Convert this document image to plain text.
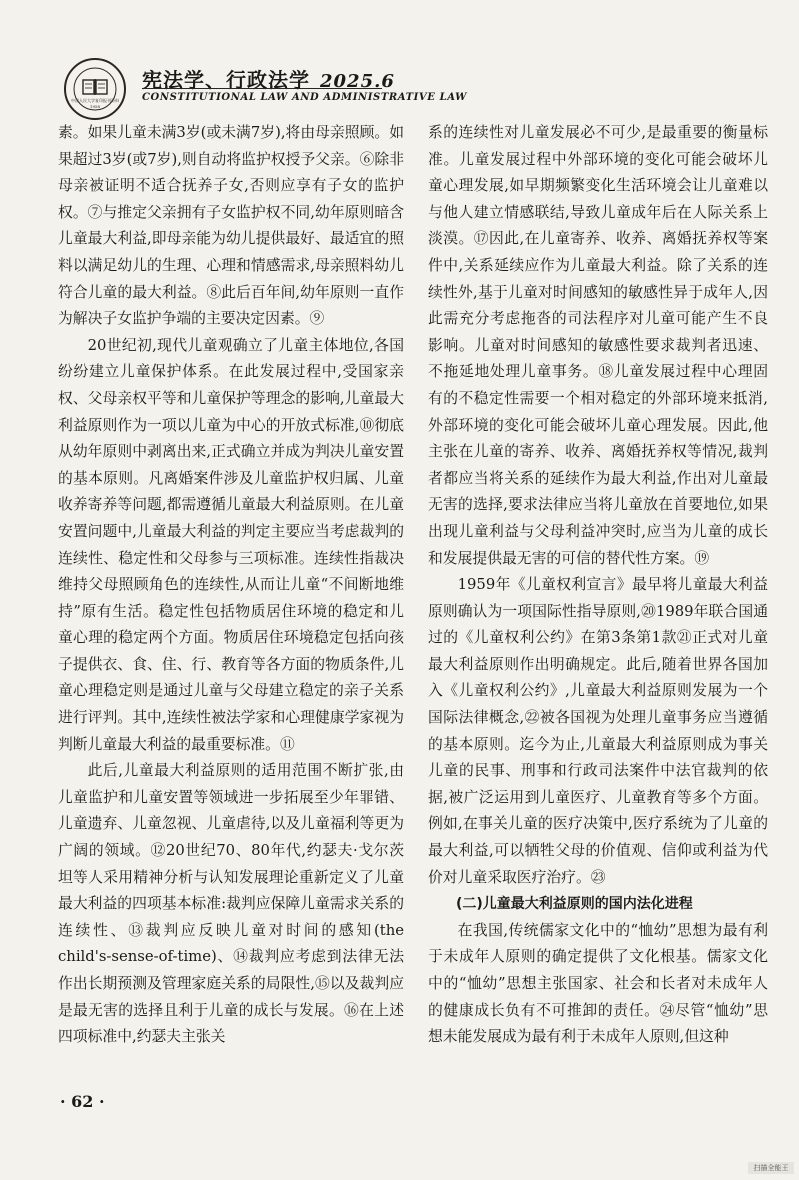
中国人民大学复印报刊资料
1958
宪法学、行政法学 2025.6
CONSTITUTIONAL LAW AND ADMINISTRATIVE LAW

素。如果儿童未满3岁(或未满7岁),将由母亲照顾。如果超过3岁(或7岁),则自动将监护权授予父亲。⑥除非母亲被证明不适合抚养子女,否则应享有子女的监护权。⑦与推定父亲拥有子女监护权不同,幼年原则暗含儿童最大利益,即母亲能为幼儿提供最好、最适宜的照料以满足幼儿的生理、心理和情感需求,母亲照料幼儿符合儿童的最大利益。⑧此后百年间,幼年原则一直作为解决子女监护争端的主要决定因素。⑨

20世纪初,现代儿童观确立了儿童主体地位,各国纷纷建立儿童保护体系。在此发展过程中,受国家亲权、父母亲权平等和儿童保护等理念的影响,儿童最大利益原则作为一项以儿童为中心的开放式标准,⑩彻底从幼年原则中剥离出来,正式确立并成为判决儿童安置的基本原则。凡离婚案件涉及儿童监护权归属、儿童收养寄养等问题,都需遵循儿童最大利益原则。在儿童安置问题中,儿童最大利益的判定主要应当考虑裁判的连续性、稳定性和父母参与三项标准。连续性指裁决维持父母照顾角色的连续性,从而让儿童“不间断地维持”原有生活。稳定性包括物质居住环境的稳定和儿童心理的稳定两个方面。物质居住环境稳定包括向孩子提供衣、食、住、行、教育等各方面的物质条件,儿童心理稳定则是通过儿童与父母建立稳定的亲子关系进行评判。其中,连续性被法学家和心理健康学家视为判断儿童最大利益的最重要标准。⑪

此后,儿童最大利益原则的适用范围不断扩张,由儿童监护和儿童安置等领域进一步拓展至少年罪错、儿童遗弃、儿童忽视、儿童虐待,以及儿童福利等更为广阔的领域。⑫20世纪70、80年代,约瑟夫·戈尔茨坦等人采用精神分析与认知发展理论重新定义了儿童最大利益的四项基本标准:裁判应保障儿童需求关系的连续性、⑬裁判应反映儿童对时间的感知(the child's-sense-of-time)、⑭裁判应考虑到法律无法作出长期预测及管理家庭关系的局限性,⑮以及裁判应是最无害的选择且利于儿童的成长与发展。⑯在上述四项标准中,约瑟夫主张关

系的连续性对儿童发展必不可少,是最重要的衡量标准。儿童发展过程中外部环境的变化可能会破坏儿童心理发展,如早期频繁变化生活环境会让儿童难以与他人建立情感联结,导致儿童成年后在人际关系上淡漠。⑰因此,在儿童寄养、收养、离婚抚养权等案件中,关系延续应作为儿童最大利益。除了关系的连续性外,基于儿童对时间感知的敏感性异于成年人,因此需充分考虑拖沓的司法程序对儿童可能产生不良影响。儿童对时间感知的敏感性要求裁判者迅速、不拖延地处理儿童事务。⑱儿童发展过程中心理固有的不稳定性需要一个相对稳定的外部环境来抵消,外部环境的变化可能会破坏儿童心理发展。因此,他主张在儿童的寄养、收养、离婚抚养权等情况,裁判者都应当将关系的延续作为最大利益,作出对儿童最无害的选择,要求法律应当将儿童放在首要地位,如果出现儿童利益与父母利益冲突时,应当为儿童的成长和发展提供最无害的可信的替代性方案。⑲

1959年《儿童权利宣言》最早将儿童最大利益原则确认为一项国际性指导原则,⑳1989年联合国通过的《儿童权利公约》在第3条第1款㉑正式对儿童最大利益原则作出明确规定。此后,随着世界各国加入《儿童权利公约》,儿童最大利益原则发展为一个国际法律概念,㉒被各国视为处理儿童事务应当遵循的基本原则。迄今为止,儿童最大利益原则成为事关儿童的民事、刑事和行政司法案件中法官裁判的依据,被广泛运用到儿童医疗、儿童教育等多个方面。例如,在事关儿童的医疗决策中,医疗系统为了儿童的最大利益,可以牺牲父母的价值观、信仰或利益为代价对儿童采取医疗治疗。㉓

(二)儿童最大利益原则的国内法化进程

在我国,传统儒家文化中的“恤幼”思想为最有利于未成年人原则的确定提供了文化根基。儒家文化中的“恤幼”思想主张国家、社会和长者对未成年人的健康成长负有不可推卸的责任。㉔尽管“恤幼”思想未能发展成为最有利于未成年人原则,但这种

· 62 ·
扫描全能王
